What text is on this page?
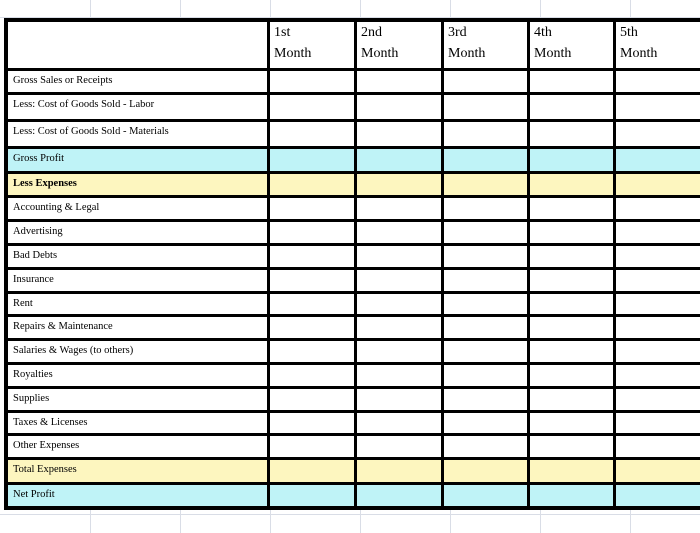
1st
Month
2nd
Month
3rd
Month
4th
Month
5th
Month
Gross Sales or Receipts
Less: Cost of Goods Sold - Labor
Less: Cost of Goods Sold - Materials
Gross Profit
Less Expenses
Accounting & Legal
Advertising
Bad Debts
Insurance
Rent
Repairs & Maintenance
Salaries & Wages (to others)
Royalties
Supplies
Taxes & Licenses
Other Expenses
Total Expenses
Net Profit
